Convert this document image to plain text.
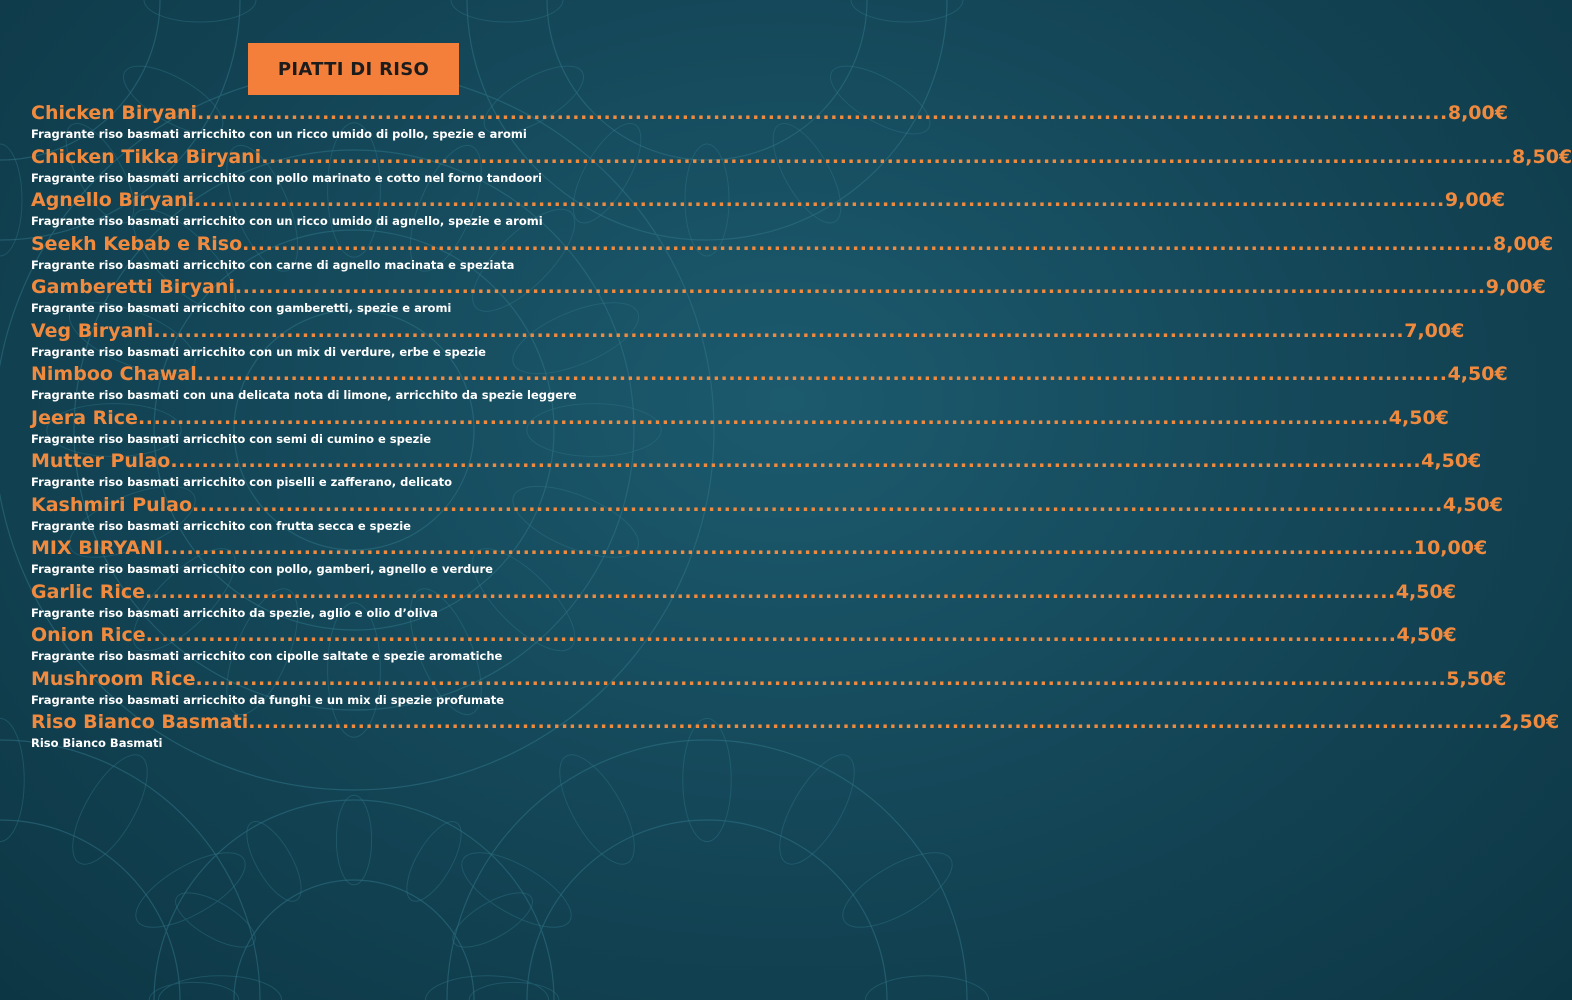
PIATTI DI RISO
Chicken Biryani ................................................................................................................................................................ 8,00€
Fragrante riso basmati arricchito con un ricco umido di pollo, spezie e aromi
Chicken Tikka Biryani ................................................................................................................................................................ 8,50€
Fragrante riso basmati arricchito con pollo marinato e cotto nel forno tandoori
Agnello Biryani ................................................................................................................................................................ 9,00€
Fragrante riso basmati arricchito con un ricco umido di agnello, spezie e aromi
Seekh Kebab e Riso ................................................................................................................................................................ 8,00€
Fragrante riso basmati arricchito con carne di agnello macinata e speziata
Gamberetti Biryani ................................................................................................................................................................ 9,00€
Fragrante riso basmati arricchito con gamberetti, spezie e aromi
Veg Biryani ................................................................................................................................................................ 7,00€
Fragrante riso basmati arricchito con un mix di verdure, erbe e spezie
Nimboo Chawal ................................................................................................................................................................ 4,50€
Fragrante riso basmati con una delicata nota di limone, arricchito da spezie leggere
Jeera Rice ................................................................................................................................................................ 4,50€
Fragrante riso basmati arricchito con semi di cumino e spezie
Mutter Pulao ................................................................................................................................................................ 4,50€
Fragrante riso basmati arricchito con piselli e zafferano, delicato
Kashmiri Pulao ................................................................................................................................................................ 4,50€
Fragrante riso basmati arricchito con frutta secca e spezie
MIX BIRYANI ................................................................................................................................................................ 10,00€
Fragrante riso basmati arricchito con pollo, gamberi, agnello e verdure
Garlic Rice ................................................................................................................................................................ 4,50€
Fragrante riso basmati arricchito da spezie, aglio e olio d’oliva
Onion Rice ................................................................................................................................................................ 4,50€
Fragrante riso basmati arricchito con cipolle saltate e spezie aromatiche
Mushroom Rice ................................................................................................................................................................ 5,50€
Fragrante riso basmati arricchito da funghi e un mix di spezie profumate
Riso Bianco Basmati ................................................................................................................................................................ 2,50€
Riso Bianco Basmati
